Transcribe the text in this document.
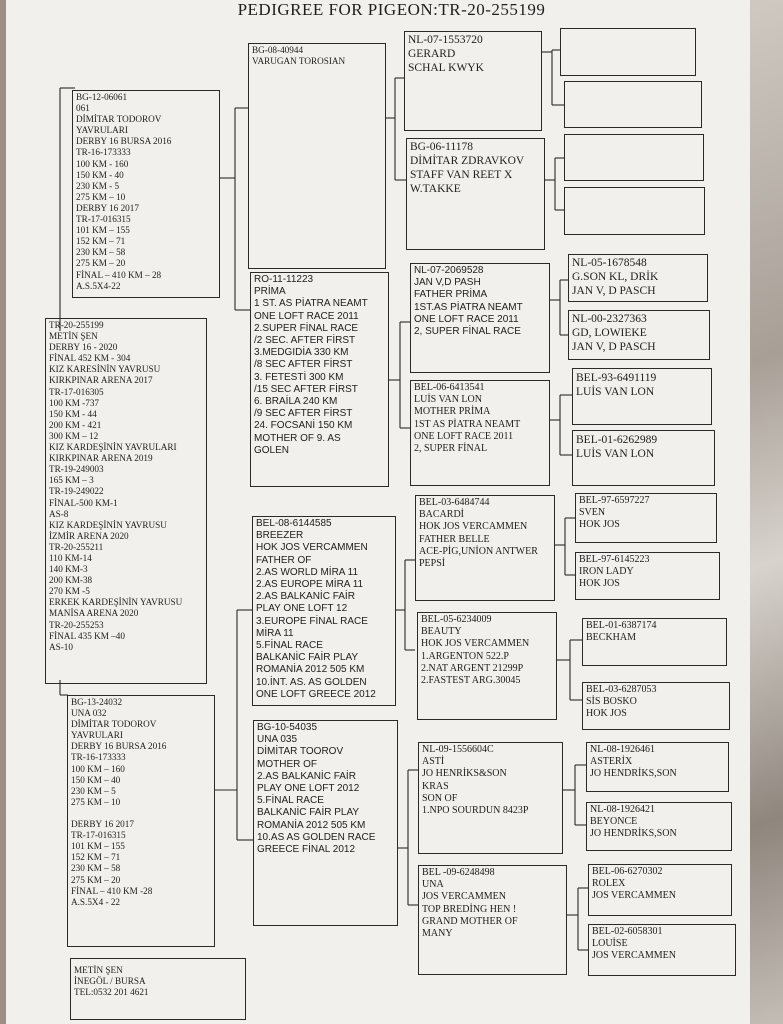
PEDIGREE FOR PIGEON:TR-20-255199
TR-20-255199
METİN ŞEN
DERBY 16 - 2020
FİNAL 452 KM - 304
KIZ KARESİNİN YAVRUSU
KIRKPINAR ARENA 2017
TR-17-016305
100 KM -737
150 KM - 44
200 KM - 421
300 KM – 12
KIZ KARDEŞİNİN YAVRULARI
KIRKPINAR ARENA 2019
TR-19-249003
165 KM – 3
TR-19-249022
FİNAL-500 KM-1
AS-8
KIZ KARDEŞİNİN YAVRUSU
İZMİR ARENA 2020
TR-20-255211
110 KM-14
140 KM-3
200 KM-38
270 KM -5
ERKEK KARDEŞİNİN YAVRUSU
MANİSA ARENA 2020
TR-20-255253
FİNAL 435 KM –40
AS-10
BG-12-06061
061
DİMİTAR TODOROV
YAVRULARI
DERBY 16 BURSA 2016
TR-16-173333
100 KM - 160
150 KM - 40
230 KM - 5
275 KM – 10
DERBY 16 2017
TR-17-016315
101 KM – 155
152 KM – 71
230 KM – 58
275 KM – 20
FİNAL – 410 KM – 28
A.S.5X4-22
BG-13-24032
UNA 032
DİMİTAR TODOROV
YAVRULARI
DERBY 16 BURSA 2016
TR-16-173333
100 KM – 160
150 KM – 40
230 KM – 5
275 KM – 10

DERBY 16 2017
TR-17-016315
101 KM – 155
152 KM – 71
230 KM – 58
275 KM – 20
FİNAL – 410 KM -28
A.S.5X4 - 22
METİN ŞEN
İNEGÖL / BURSA
TEL:0532 201 4621
BG-08-40944
VARUGAN TOROSIAN
RO-11-11223
PRİMA
1 ST. AS PİATRA NEAMT
ONE LOFT RACE 2011
2.SUPER FİNAL RACE
/2 SEC. AFTER FİRST
3.MEDGIDİA 330 KM
/8 SEC AFTER FİRST
3. FETESTİ 300 KM
/15 SEC AFTER FİRST
6. BRAİLA 240 KM
/9 SEC AFTER FİRST
24. FOCSANİ 150 KM
MOTHER OF 9. AS
GOLEN
BEL-08-6144585
BREEZER
HOK JOS VERCAMMEN
FATHER OF
2.AS WORLD MİRA 11
2.AS EUROPE MİRA 11
2.AS BALKANİC FAİR
PLAY ONE LOFT 12
3.EUROPE FİNAL RACE
MİRA 11
5.FİNAL RACE
BALKANİC FAİR PLAY
ROMANİA 2012 505 KM
10.İNT. AS. AS GOLDEN
ONE LOFT GREECE 2012
BG-10-54035
UNA 035
DİMİTAR TOOROV
MOTHER OF
2.AS BALKANİC FAİR
PLAY ONE LOFT 2012
5.FİNAL RACE
BALKANİC FAİR PLAY
ROMANİA 2012 505 KM
10.AS AS GOLDEN RACE
GREECE FİNAL 2012
NL-07-1553720
GERARD
SCHAL KWYK
BG-06-11178
DİMİTAR ZDRAVKOV
STAFF VAN REET X
W.TAKKE
NL-07-2069528
JAN V,D PASH
FATHER PRİMA
1ST.AS PİATRA NEAMT
ONE LOFT RACE 2011
2, SUPER FİNAL RACE
BEL-06-6413541
LUİS VAN LON
MOTHER PRİMA
1ST AS PİATRA NEAMT
ONE LOFT RACE 2011
2, SUPER FİNAL
BEL-03-6484744
BACARDİ
HOK JOS VERCAMMEN
FATHER BELLE
ACE-PİG,UNİON ANTWER
PEPSİ
BEL-05-6234009
BEAUTY
HOK JOS VERCAMMEN
1.ARGENTON 522.P
2.NAT ARGENT 21299P
2.FASTEST ARG.30045
NL-09-1556604C
ASTİ
JO HENRİKS&SON
KRAS
SON OF
1.NPO SOURDUN 8423P
BEL -09-6248498
UNA
JOS VERCAMMEN
TOP BREDİNG HEN !
GRAND MOTHER OF
MANY
NL-05-1678548
G.SON KL, DRİK
JAN V, D PASCH
NL-00-2327363
GD, LOWIEKE
JAN V, D PASCH
BEL-93-6491119
LUİS VAN LON
BEL-01-6262989
LUİS VAN LON
BEL-97-6597227
SVEN
HOK JOS
BEL-97-6145223
IRON LADY
HOK JOS
BEL-01-6387174
BECKHAM
BEL-03-6287053
SİS BOSKO
HOK JOS
NL-08-1926461
ASTERİX
JO HENDRİKS,SON
NL-08-1926421
BEYONCE
JO HENDRİKS,SON
BEL-06-6270302
ROLEX
JOS VERCAMMEN
BEL-02-6058301
LOUİSE
JOS VERCAMMEN
